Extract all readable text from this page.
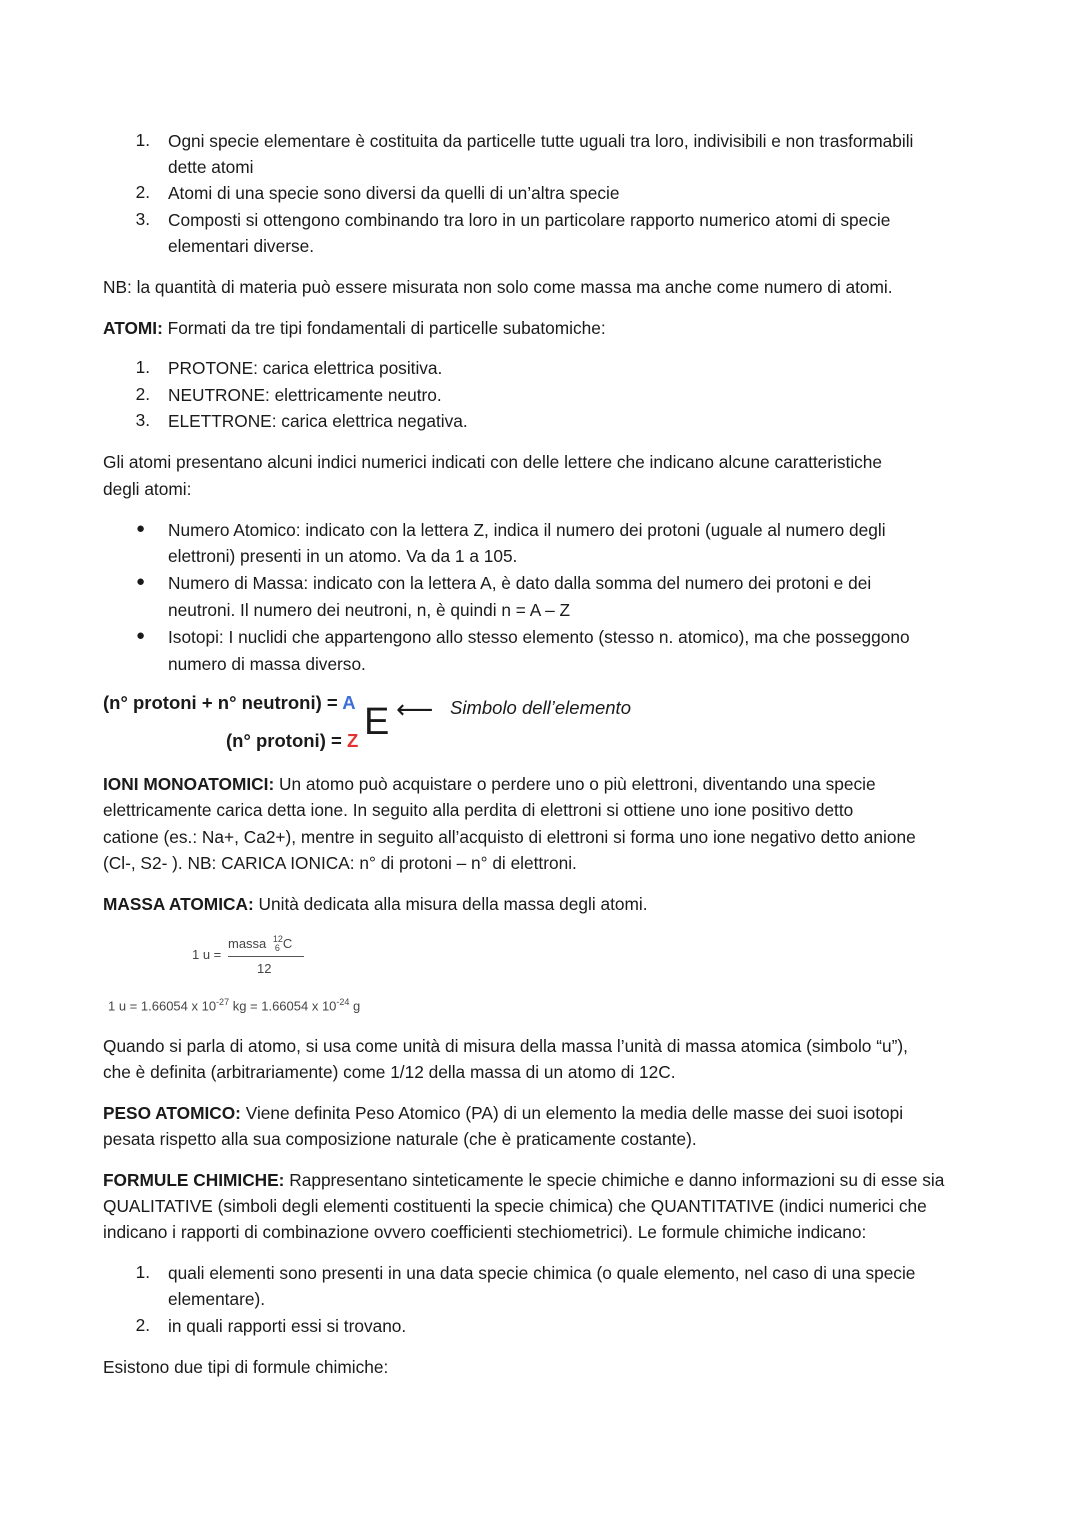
1. Ogni specie elementare è costituita da particelle tutte uguali tra loro, indivisibili e non trasformabili
dette atomi
2. Atomi di una specie sono diversi da quelli di un’altra specie
3. Composti si ottengono combinando tra loro in un particolare rapporto numerico atomi di specie
elementari diverse.
NB: la quantità di materia può essere misurata non solo come massa ma anche come numero di atomi.
ATOMI: Formati da tre tipi fondamentali di particelle subatomiche:
1. PROTONE: carica elettrica positiva.
2. NEUTRONE: elettricamente neutro.
3. ELETTRONE: carica elettrica negativa.
Gli atomi presentano alcuni indici numerici indicati con delle lettere che indicano alcune caratteristiche
degli atomi:
● Numero Atomico: indicato con la lettera Z, indica il numero dei protoni (uguale al numero degli
elettroni) presenti in un atomo. Va da 1 a 105.
● Numero di Massa: indicato con la lettera A, è dato dalla somma del numero dei protoni e dei
neutroni. Il numero dei neutroni, n, è quindi n = A – Z
● Isotopi: I nuclidi che appartengono allo stesso elemento (stesso n. atomico), ma che posseggono
numero di massa diverso.
(n° protoni + n° neutroni) = A E
(n° protoni) = Z
⟵ Simbolo dell’elemento
IONI MONOATOMICI: Un atomo può acquistare o perdere uno o più elettroni, diventando una specie
elettricamente carica detta ione. In seguito alla perdita di elettroni si ottiene uno ione positivo detto
catione (es.: Na+, Ca2+), mentre in seguito all’acquisto di elettroni si forma uno ione negativo detto anione
(Cl-, S2- ). NB: CARICA IONICA: n° di protoni – n° di elettroni.
MASSA ATOMICA: Unità dedicata alla misura della massa degli atomi.
1 u =
massa 12
6 C
12
1 u = 1.66054 x $10^{-27}$ kg = 1.66054 x $10^{-24}$ g
Quando si parla di atomo, si usa come unità di misura della massa l’unità di massa atomica (simbolo “u”),
che è definita (arbitrariamente) come 1/12 della massa di un atomo di 12C.
PESO ATOMICO: Viene definita Peso Atomico (PA) di un elemento la media delle masse dei suoi isotopi
pesata rispetto alla sua composizione naturale (che è praticamente costante).
FORMULE CHIMICHE: Rappresentano sinteticamente le specie chimiche e danno informazioni su di esse sia
QUALITATIVE (simboli degli elementi costituenti la specie chimica) che QUANTITATIVE (indici numerici che
indicano i rapporti di combinazione ovvero coefficienti stechiometrici). Le formule chimiche indicano:
1. quali elementi sono presenti in una data specie chimica (o quale elemento, nel caso di una specie
elementare).
2. in quali rapporti essi si trovano.
Esistono due tipi di formule chimiche:
